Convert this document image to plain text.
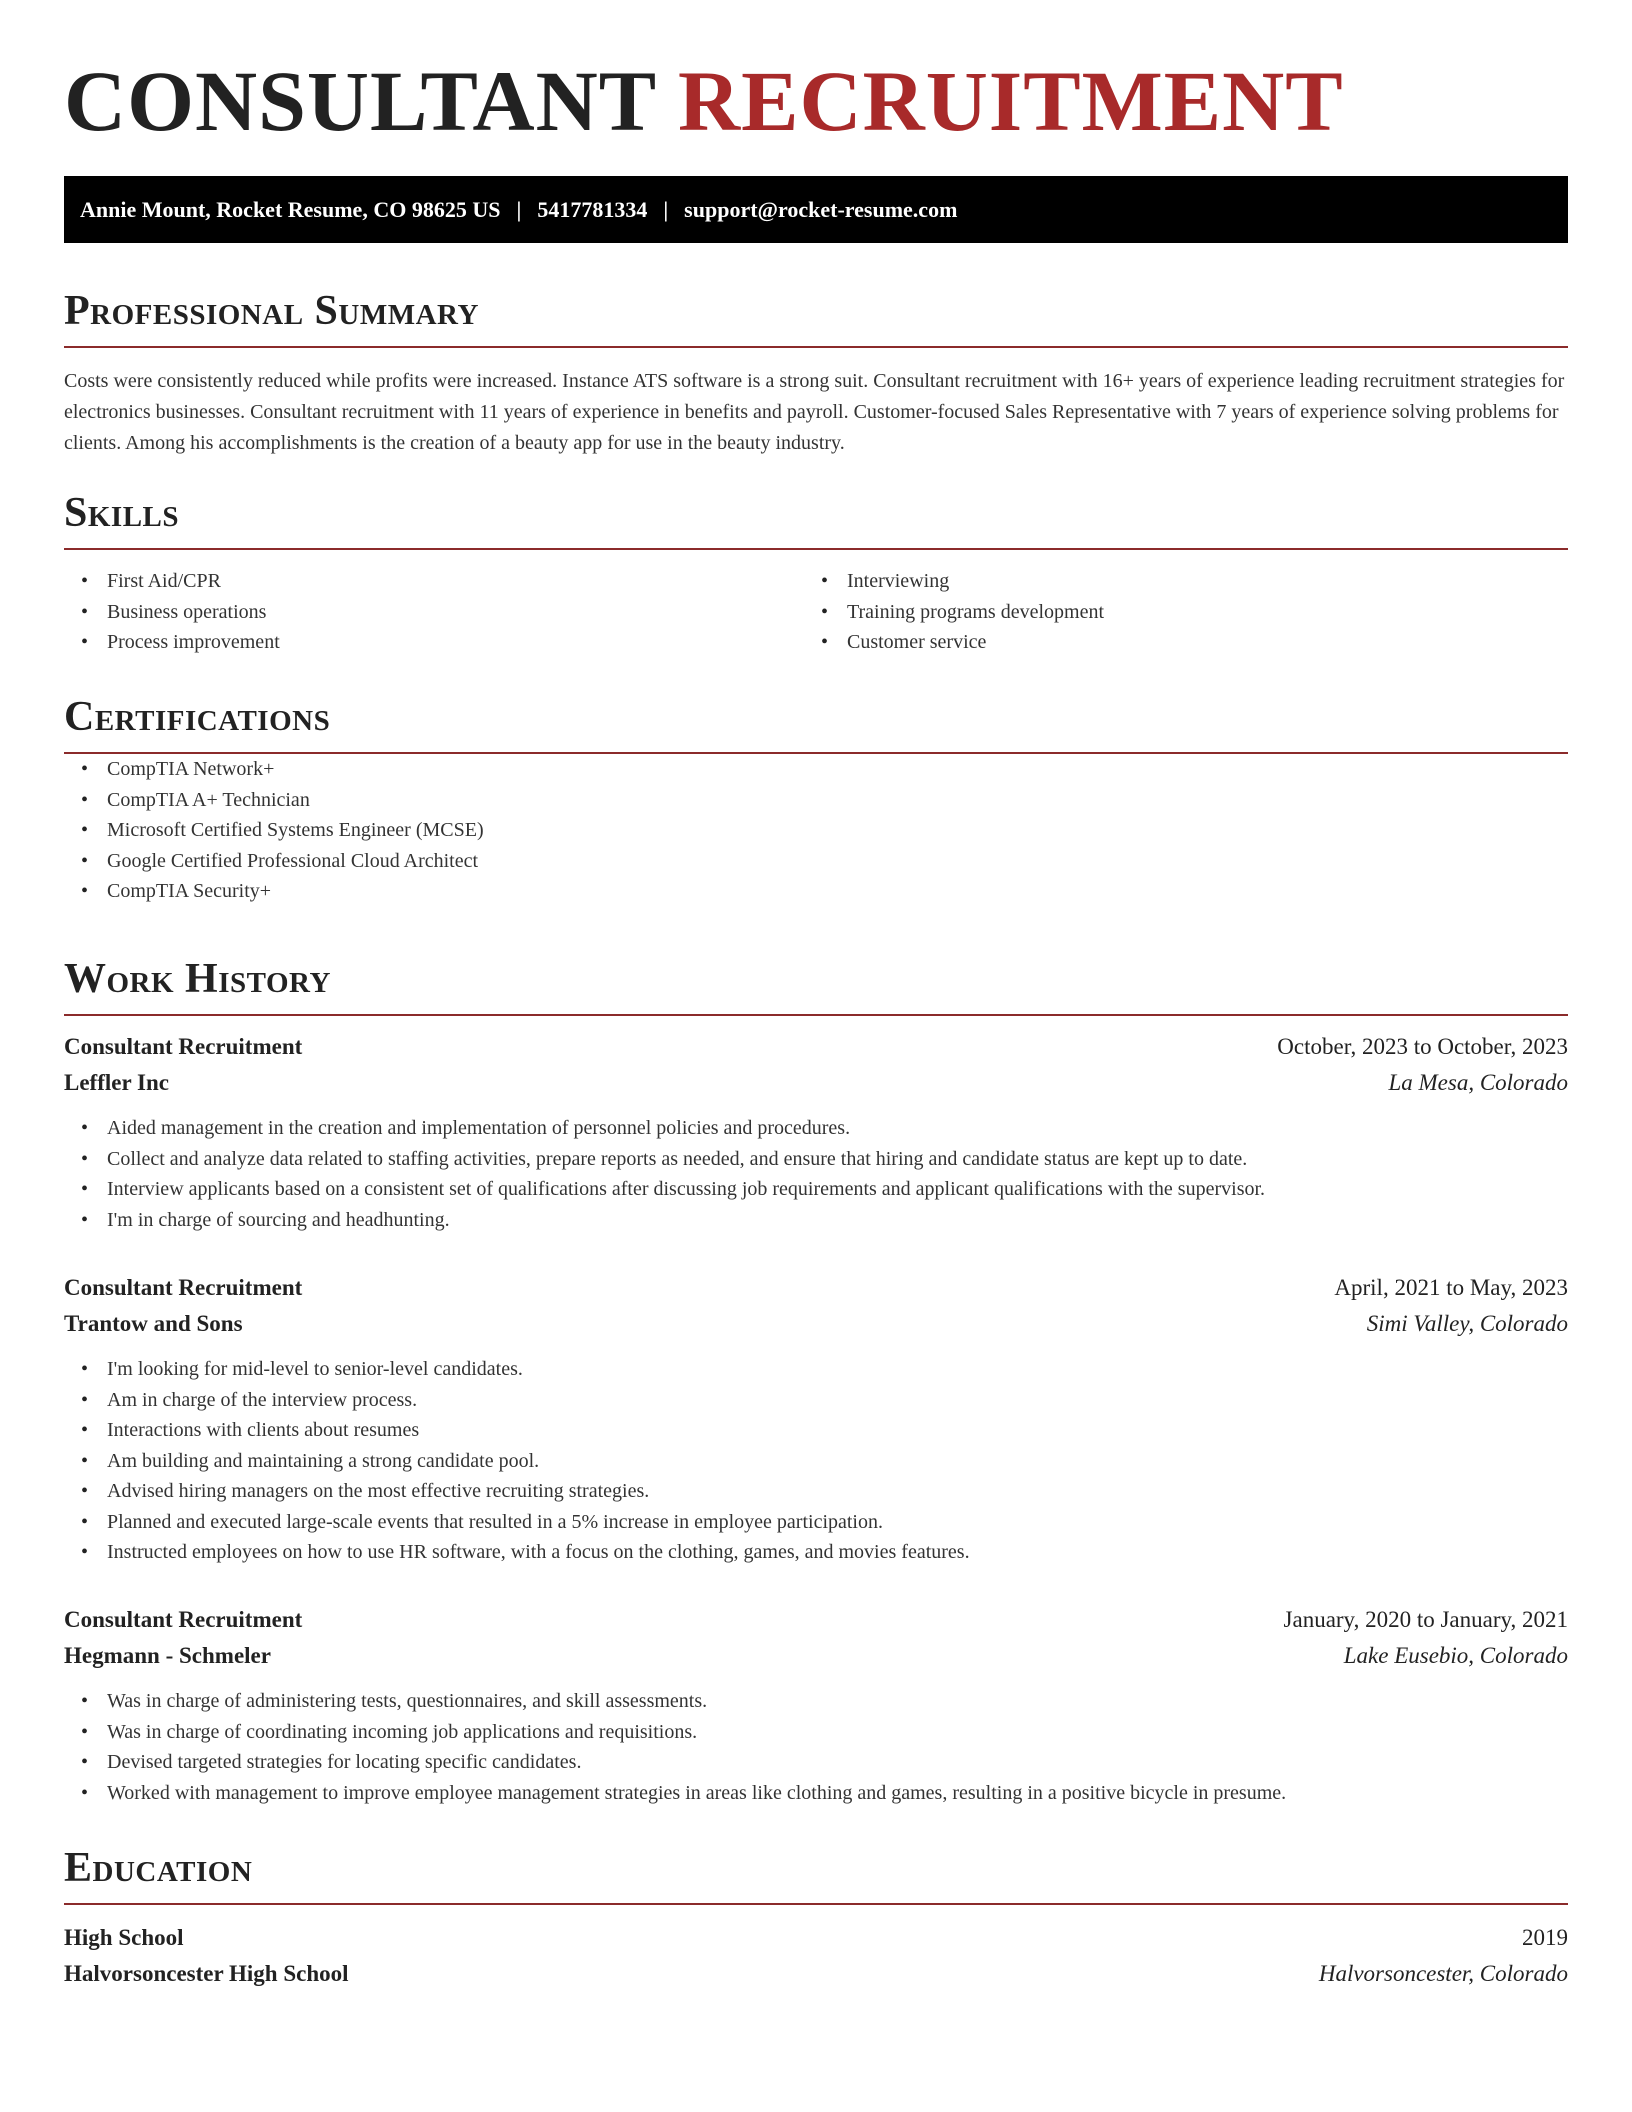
CONSULTANT RECRUITMENT
Annie Mount, Rocket Resume, CO 98625 US | 5417781334 | support@rocket-resume.com
Professional Summary

Costs were consistently reduced while profits were increased. Instance ATS software is a strong suit. Consultant recruitment with 16+ years of experience leading recruitment strategies for electronics businesses. Consultant recruitment with 11 years of experience in benefits and payroll. Customer-focused Sales Representative with 7 years of experience solving problems for clients. Among his accomplishments is the creation of a beauty app for use in the beauty industry.

Skills
• First Aid/CPR
• Business operations
• Process improvement
• Interviewing
• Training programs development
• Customer service
Certifications
• CompTIA Network+
• CompTIA A+ Technician
• Microsoft Certified Systems Engineer (MCSE)
• Google Certified Professional Cloud Architect
• CompTIA Security+
Work History
Consultant Recruitment	October, 2023 to October, 2023
Leffler Inc	La Mesa, Colorado
• Aided management in the creation and implementation of personnel policies and procedures.
• Collect and analyze data related to staffing activities, prepare reports as needed, and ensure that hiring and candidate status are kept up to date.
• Interview applicants based on a consistent set of qualifications after discussing job requirements and applicant qualifications with the supervisor.
• I'm in charge of sourcing and headhunting.
Consultant Recruitment	April, 2021 to May, 2023
Trantow and Sons	Simi Valley, Colorado
• I'm looking for mid-level to senior-level candidates.
• Am in charge of the interview process.
• Interactions with clients about resumes
• Am building and maintaining a strong candidate pool.
• Advised hiring managers on the most effective recruiting strategies.
• Planned and executed large-scale events that resulted in a 5% increase in employee participation.
• Instructed employees on how to use HR software, with a focus on the clothing, games, and movies features.
Consultant Recruitment	January, 2020 to January, 2021
Hegmann - Schmeler	Lake Eusebio, Colorado
• Was in charge of administering tests, questionnaires, and skill assessments.
• Was in charge of coordinating incoming job applications and requisitions.
• Devised targeted strategies for locating specific candidates.
• Worked with management to improve employee management strategies in areas like clothing and games, resulting in a positive bicycle in presume.
Education
High School	2019
Halvorsoncester High School	Halvorsoncester, Colorado
